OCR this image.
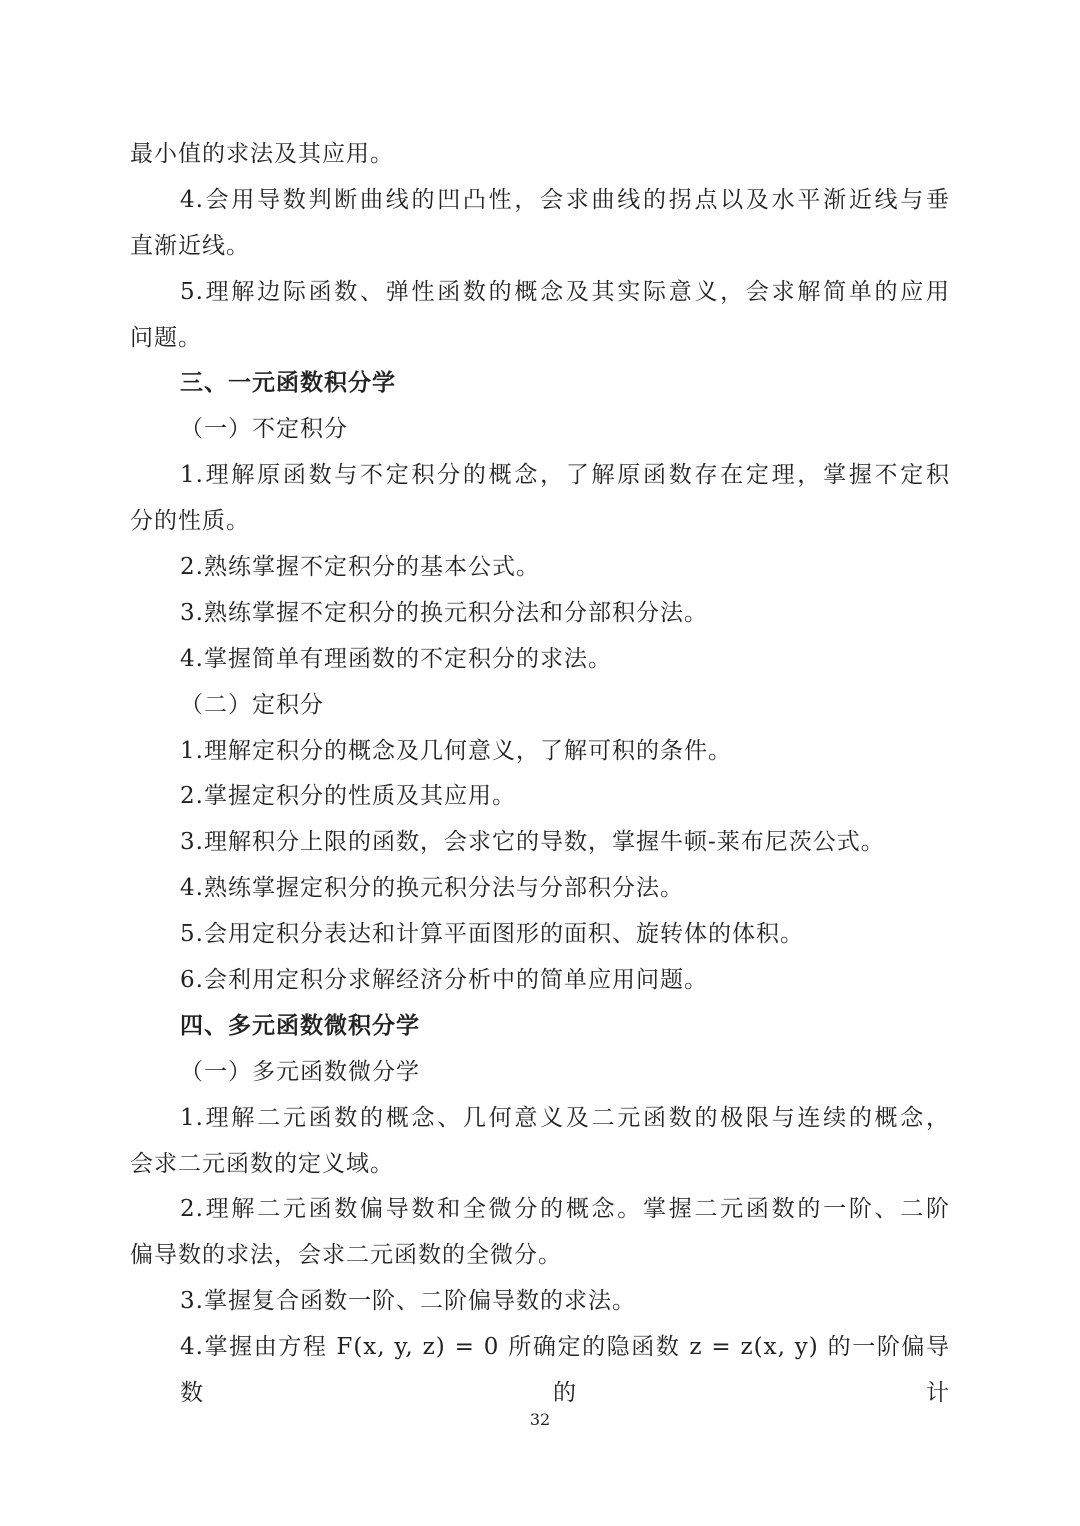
最小值的求法及其应用。
4.会用导数判断曲线的凹凸性，会求曲线的拐点以及水平渐近线与垂
直渐近线。
5.理解边际函数、弹性函数的概念及其实际意义，会求解简单的应用
问题。
三、一元函数积分学
（一）不定积分
1.理解原函数与不定积分的概念，了解原函数存在定理，掌握不定积
分的性质。
2.熟练掌握不定积分的基本公式。
3.熟练掌握不定积分的换元积分法和分部积分法。
4.掌握简单有理函数的不定积分的求法。
（二）定积分
1.理解定积分的概念及几何意义，了解可积的条件。
2.掌握定积分的性质及其应用。
3.理解积分上限的函数，会求它的导数，掌握牛顿-莱布尼茨公式。
4.熟练掌握定积分的换元积分法与分部积分法。
5.会用定积分表达和计算平面图形的面积、旋转体的体积。
6.会利用定积分求解经济分析中的简单应用问题。
四、多元函数微积分学
（一）多元函数微分学
1.理解二元函数的概念、几何意义及二元函数的极限与连续的概念，
会求二元函数的定义域。
2.理解二元函数偏导数和全微分的概念。掌握二元函数的一阶、二阶
偏导数的求法，会求二元函数的全微分。
3.掌握复合函数一阶、二阶偏导数的求法。
4.掌握由方程 F(x, y, z) = 0 所确定的隐函数 z = z(x, y) 的一阶偏导数的计
32
